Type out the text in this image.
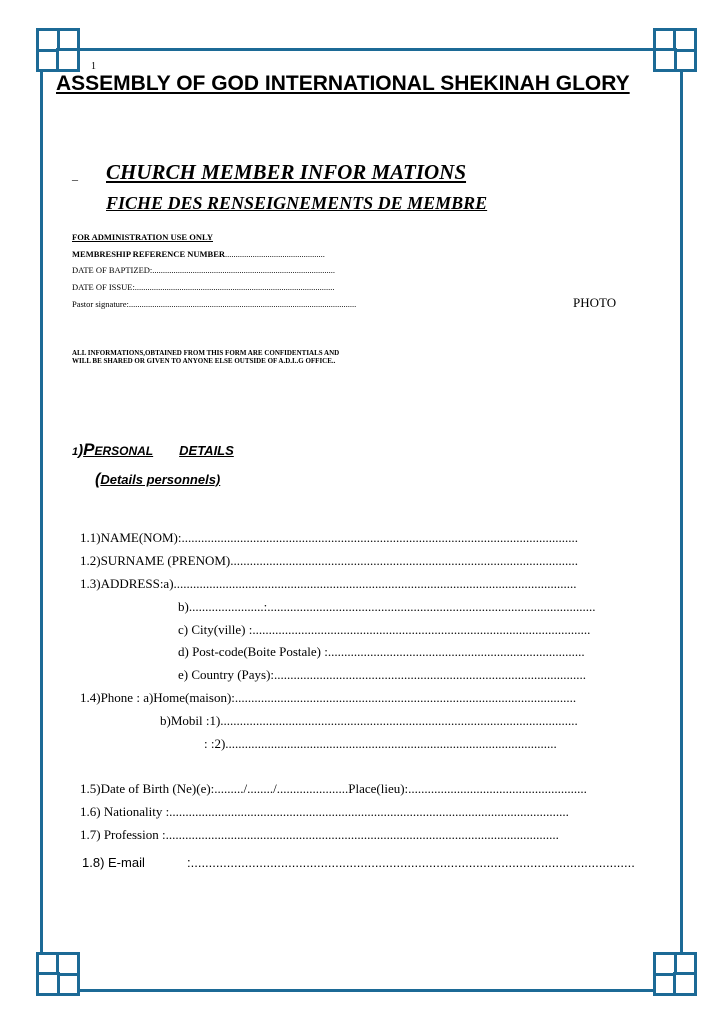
1
ASSEMBLY OF GOD INTERNATIONAL SHEKINAH GLORY
_ CHURCH MEMBER INFOR MATIONS
FICHE DES RENSEIGNEMENTS DE MEMBRE
FOR ADMINISTRATION USE ONLY
MEMBRESHIP REFERENCE NUMBER...............................................
DATE OF BAPTIZED:......................................................................................
DATE OF ISSUE:..............................................................................................
Pastor signature:...........................................................................................................	PHOTO
ALL INFORMATIONS,OBTAINED FROM THIS FORM ARE CONFIDENTIALS AND
WILL BE SHARED OR GIVEN TO ANYONE ELSE OUTSIDE OF A.D.I..G OFFICE..
1)PERSONAL DETAILS
(Details personnels)
1.1)NAME(NOM):..........................................................................................................................
1.2)SURNAME (PRENOM)...........................................................................................................
1.3)ADDRESS:a)............................................................................................................................
b).......................:.....................................................................................................
c) City(ville) :........................................................................................................
d) Post-code(Boite Postale) :...............................................................................
e) Country (Pays):................................................................................................
1.4)Phone : a)Home(maison):.........................................................................................................
b)Mobil :1)..............................................................................................................
: :2)......................................................................................................
1.5)Date of Birth (Ne)(e):........./......../......................Place(lieu):.......................................................
1.6) Nationality :...........................................................................................................................
1.7) Profession :.........................................................................................................................
1.8) E-mail	:...........................................................................................................................
